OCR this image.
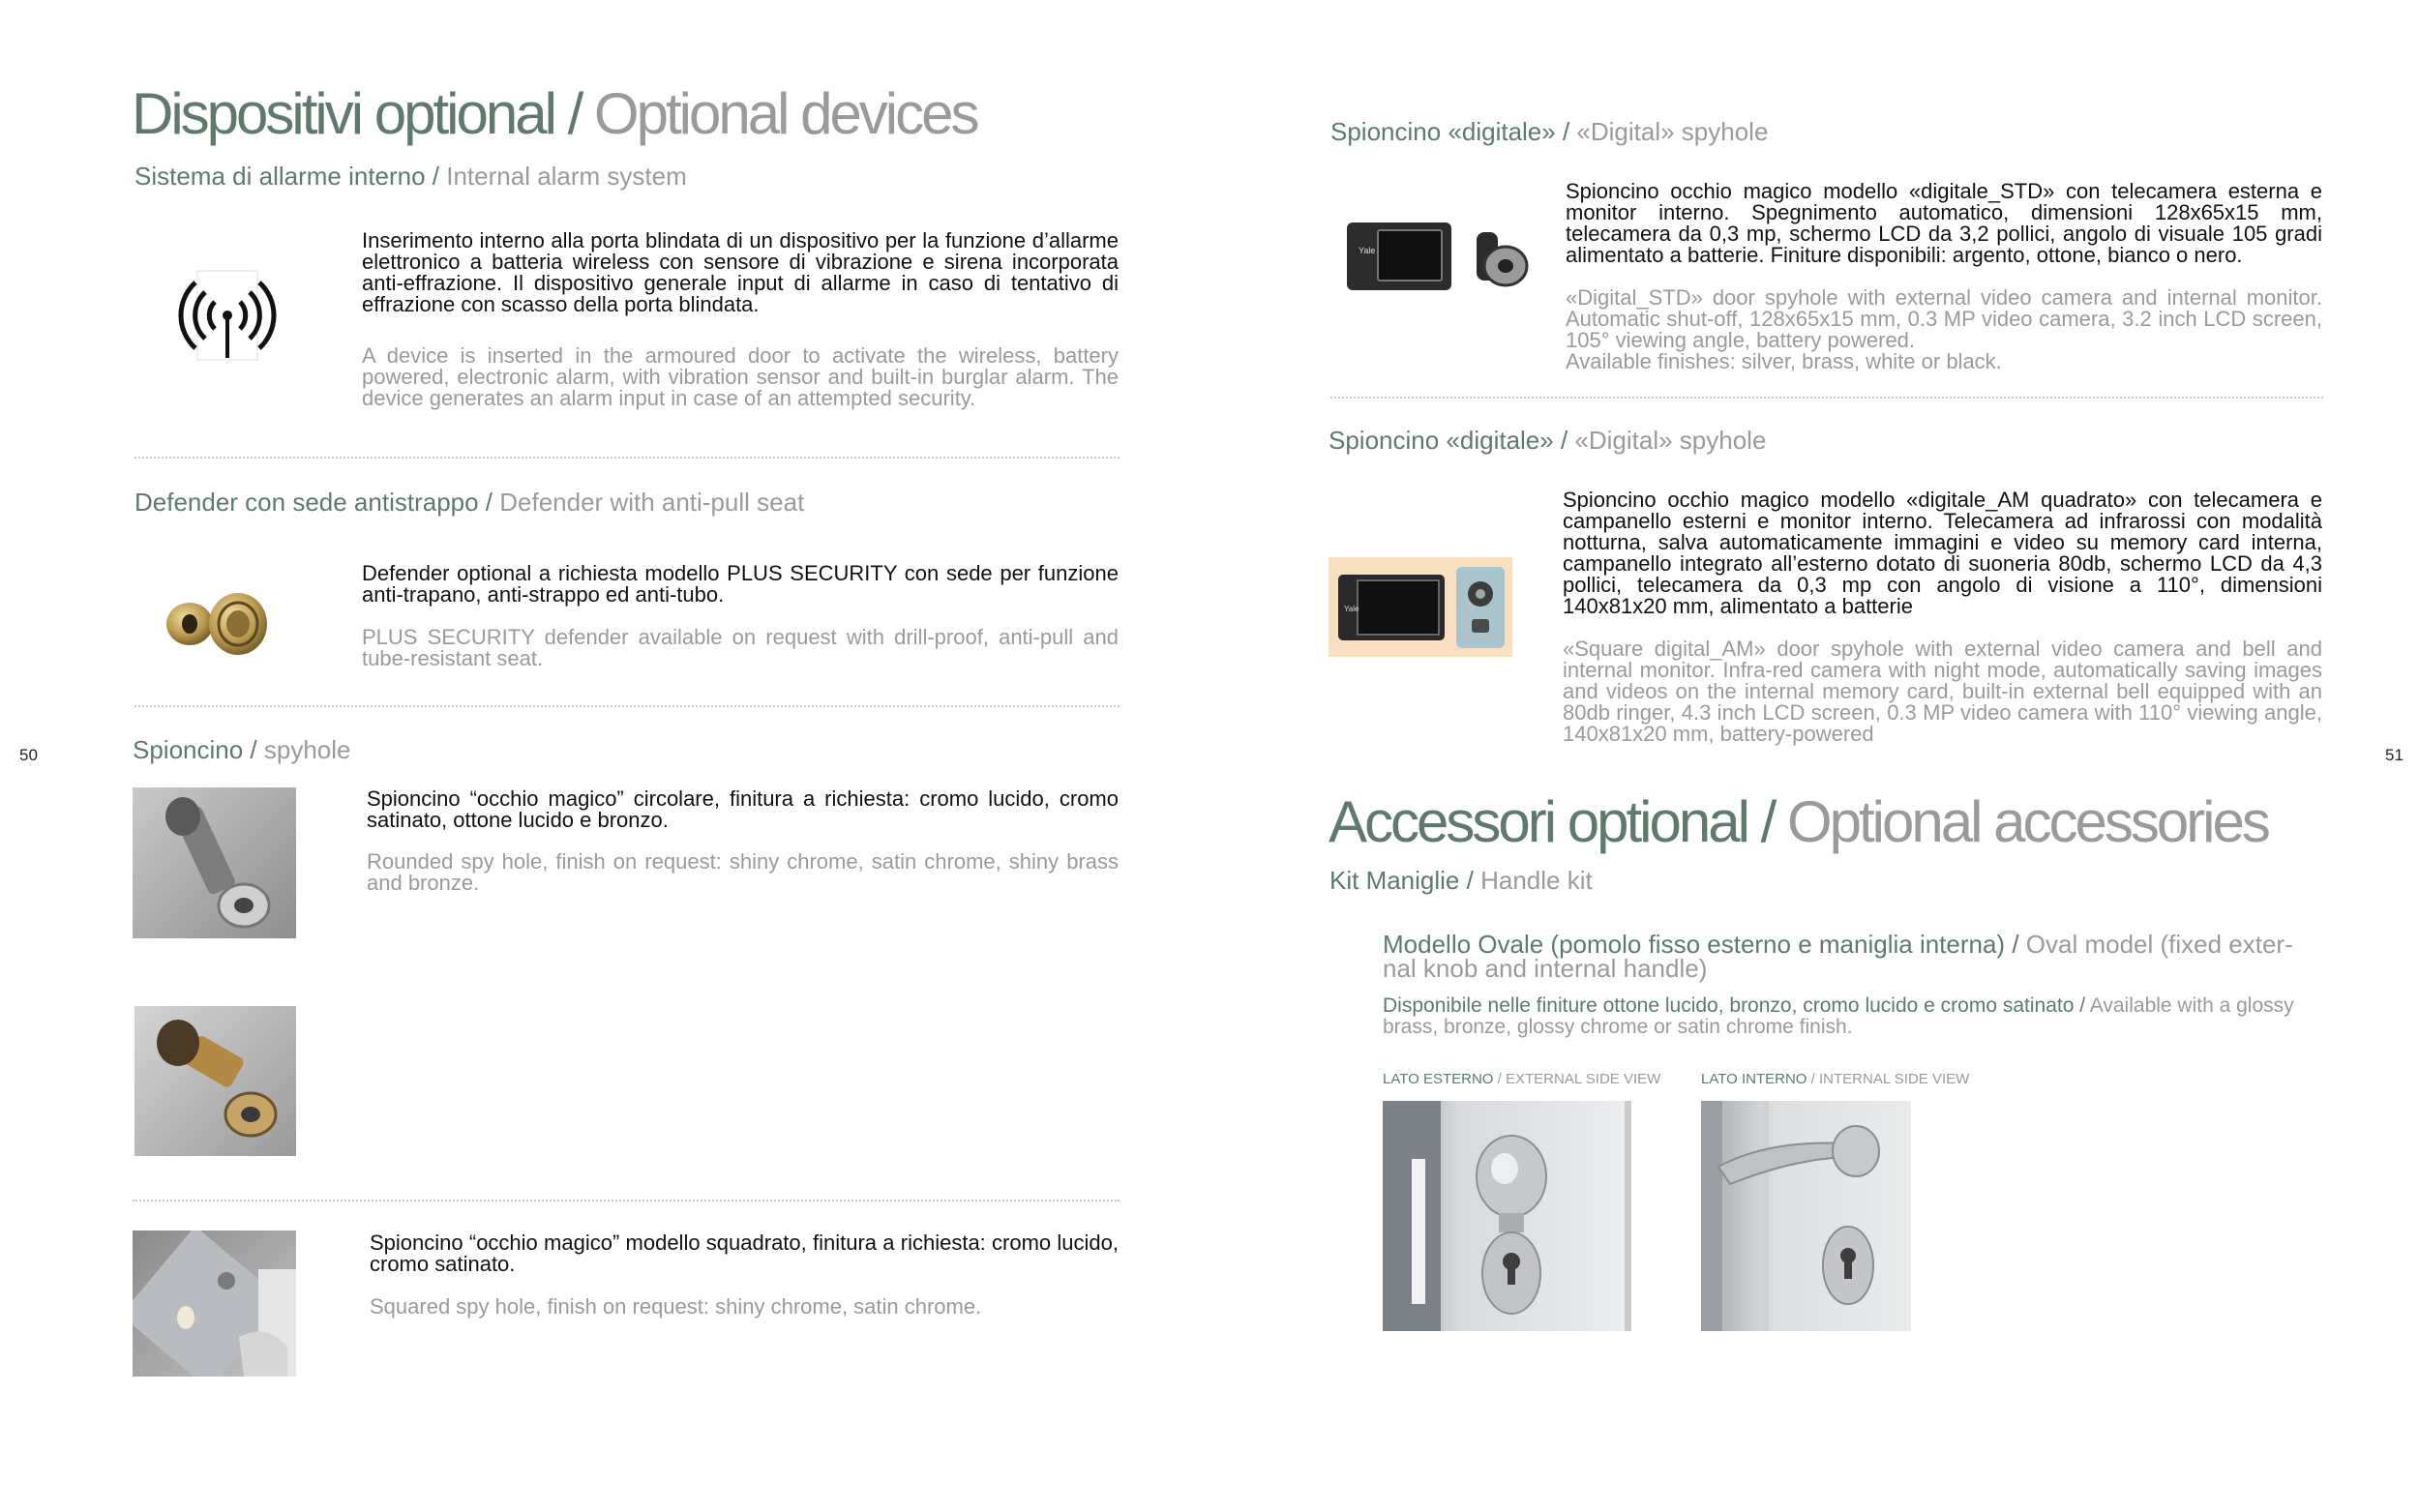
Dispositivi optional / Optional devices
Sistema di allarme interno / Internal alarm system

Inserimento interno alla porta blindata di un dispositivo per la funzione d’allarme elettronico a batteria wireless con sensore di vibrazione e sirena incorporata anti-effrazione. Il dispositivo generale input di allarme in caso di tentativo di effrazione con scasso della porta blindata.

A device is inserted in the armoured door to activate the wireless, battery powered, electronic alarm, with vibration sensor and built-in burglar alarm. The device generates an alarm input in case of an attempted security.

Defender con sede antistrappo / Defender with anti-pull seat

Defender optional a richiesta modello PLUS SECURITY con sede per funzione anti-trapano, anti-strappo ed anti-tubo.

PLUS SECURITY defender available on request with drill-proof, anti-pull and tube-resistant seat.

50	Spioncino / spyhole

Spioncino “occhio magico” circolare, finitura a richiesta: cromo lucido, cromo satinato, ottone lucido e bronzo.

Rounded spy hole, finish on request: shiny chrome, satin chrome, shiny brass and bronze.

Spioncino “occhio magico” modello squadrato, finitura a richiesta: cromo lucido, cromo satinato.

Squared spy hole, finish on request: shiny chrome, satin chrome.

Spioncino «digitale» / «Digital» spyhole
Yale

Spioncino occhio magico modello «digitale_STD» con telecamera esterna e monitor interno. Spegnimento automatico, dimensioni 128x65x15 mm, telecamera da 0,3 mp, schermo LCD da 3,2 pollici, angolo di visuale 105 gradi alimentato a batterie. Finiture disponibili: argento, ottone, bianco o nero.

«Digital_STD» door spyhole with external video camera and internal monitor. Automatic shut-off, 128x65x15 mm, 0.3 MP video camera, 3.2 inch LCD screen, 105° viewing angle, battery powered.

Available finishes: silver, brass, white or black.

Spioncino «digitale» / «Digital» spyhole
Yale

Spioncino occhio magico modello «digitale_AM quadrato» con telecamera e campanello esterni e monitor interno. Telecamera ad infrarossi con modalità notturna, salva automaticamente immagini e video su memory card interna, campanello integrato all’esterno dotato di suoneria 80db, schermo LCD da 4,3 pollici, telecamera da 0,3 mp con angolo di visione a 110°, dimensioni 140x81x20 mm, alimentato a batterie

«Square digital_AM» door spyhole with external video camera and bell and internal monitor. Infra-red camera with night mode, automatically saving images and videos on the internal memory card, built-in external bell equipped with an 80db ringer, 4.3 inch LCD screen, 0.3 MP video camera with 110° viewing angle, 140x81x20 mm, battery-powered

51
Accessori optional / Optional accessories
Kit Maniglie / Handle kit
Modello Ovale (pomolo fisso esterno e maniglia interna) / Oval model (fixed exter-
nal knob and internal handle)
Disponibile nelle finiture ottone lucido, bronzo, cromo lucido e cromo satinato / Available with a glossy brass, bronze, glossy chrome or satin chrome finish.
LATO ESTERNO / EXTERNAL SIDE VIEW	LATO INTERNO / INTERNAL SIDE VIEW
